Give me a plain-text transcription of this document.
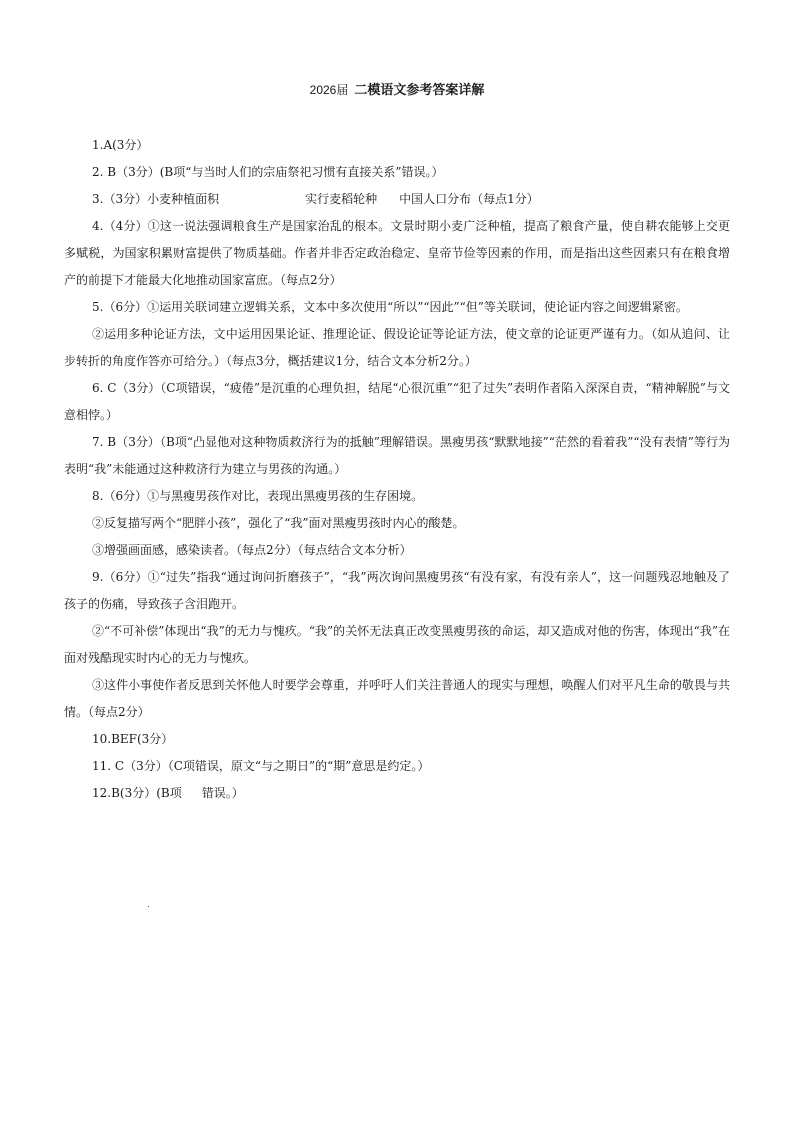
2026届 二模语文参考答案详解

1.A(3分）

2. B（3分）(B项“与当时人们的宗庙祭祀习惯有直接关系”错误。）

3.（3分）小麦种植面积	实行麦稻轮种 中国人口分布（每点1分）

4.（4分）①这一说法强调粮食生产是国家治乱的根本。文景时期小麦广泛种植，提高了粮食产量，使自耕农能够上交更多赋税，为国家积累财富提供了物质基础。作者并非否定政治稳定、皇帝节俭等因素的作用，而是指出这些因素只有在粮食增产的前提下才能最大化地推动国家富庶。（每点2分）

5.（6分）①运用关联词建立逻辑关系，文本中多次使用“所以”“因此”“但”等关联词，使论证内容之间逻辑紧密。

②运用多种论证方法，文中运用因果论证、推理论证、假设论证等论证方法，使文章的论证更严谨有力。（如从追问、让步转折的角度作答亦可给分。）（每点3分，概括建议1分，结合文本分析2分。）

6. C（3分）（C项错误，“疲倦”是沉重的心理负担，结尾“心很沉重”“犯了过失”表明作者陷入深深自责，“精神解脱”与文意相悖。）

7. B（3分）（B项“凸显他对这种物质救济行为的抵触”理解错误。黑瘦男孩“默默地接”“茫然的看着我”“没有表情”等行为表明“我”未能通过这种救济行为建立与男孩的沟通。）

8.（6分）①与黑瘦男孩作对比，表现出黑瘦男孩的生存困境。

②反复描写两个“肥胖小孩”，强化了“我”面对黑瘦男孩时内心的酸楚。

③增强画面感，感染读者。（每点2分）（每点结合文本分析）

9.（6分）①“过失”指我“通过询问折磨孩子”，“我”两次询问黑瘦男孩“有没有家，有没有亲人”，这一问题残忍地触及了孩子的伤痛，导致孩子含泪跑开。

②“不可补偿”体现出“我”的无力与愧疚。“我”的关怀无法真正改变黑瘦男孩的命运，却又造成对他的伤害，体现出“我”在面对残酷现实时内心的无力与愧疚。

③这件小事使作者反思到关怀他人时要学会尊重，并呼吁人们关注普通人的现实与理想，唤醒人们对平凡生命的敬畏与共情。（每点2分）

10.BEF(3分）

11. C（3分）（C项错误，原文“与之期日”的“期”意思是约定。）

12.B(3分）(B项 错误。）
